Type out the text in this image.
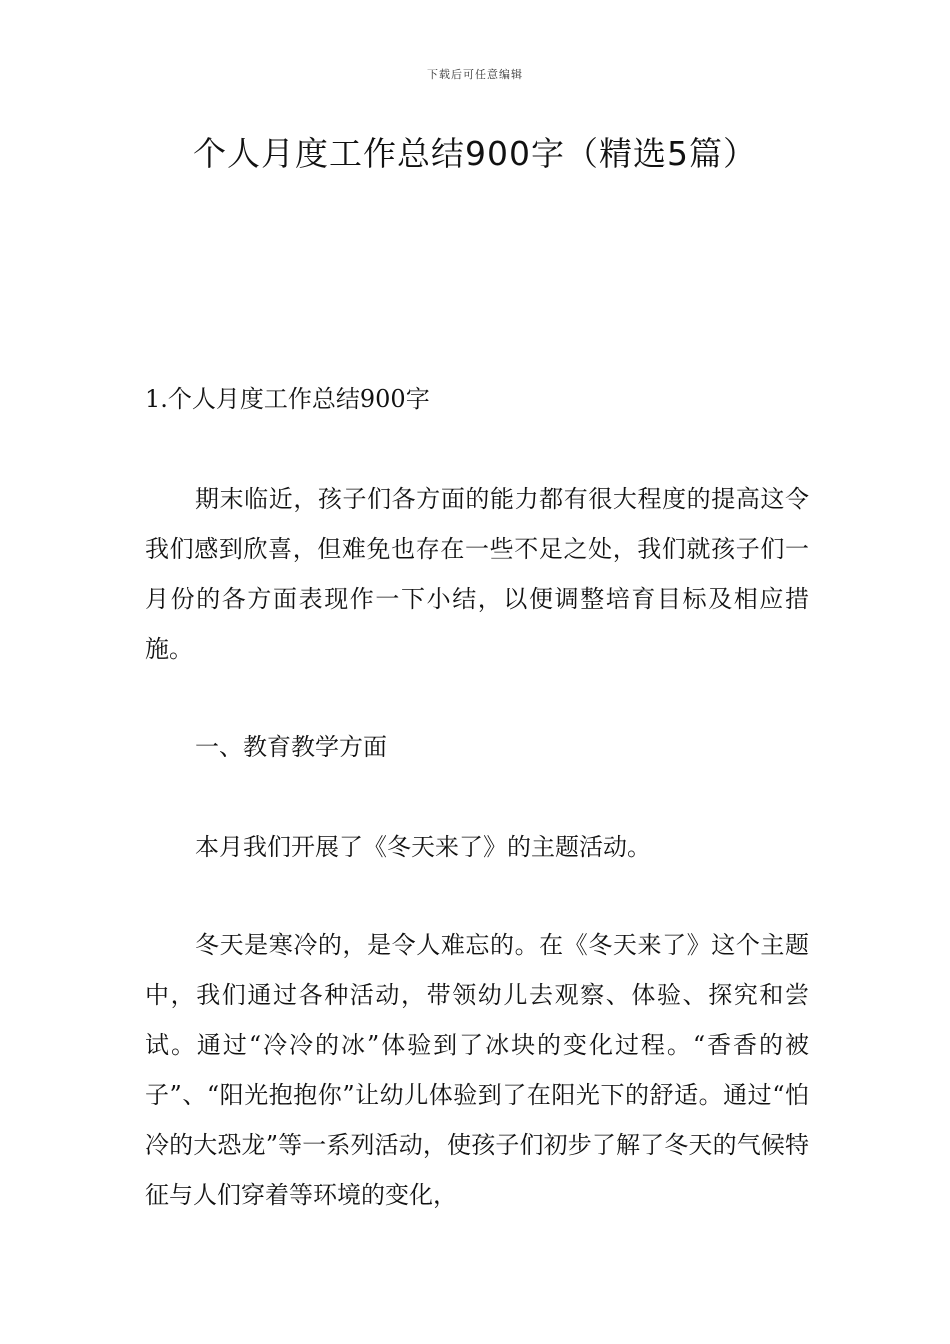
下载后可任意编辑
个人月度工作总结900字（精选5篇）

1.个人月度工作总结900字

期末临近，孩子们各方面的能力都有很大程度的提高这令我们感到欣喜，但难免也存在一些不足之处，我们就孩子们一月份的各方面表现作一下小结，以便调整培育目标及相应措施。

一、教育教学方面

本月我们开展了《冬天来了》的主题活动。

冬天是寒冷的，是令人难忘的。在《冬天来了》这个主题中，我们通过各种活动，带领幼儿去观察、体验、探究和尝试。通过“冷冷的冰”体验到了冰块的变化过程。“香香的被子”、“阳光抱抱你”让幼儿体验到了在阳光下的舒适。通过“怕冷的大恐龙”等一系列活动，使孩子们初步了解了冬天的气候特征与人们穿着等环境的变化，
